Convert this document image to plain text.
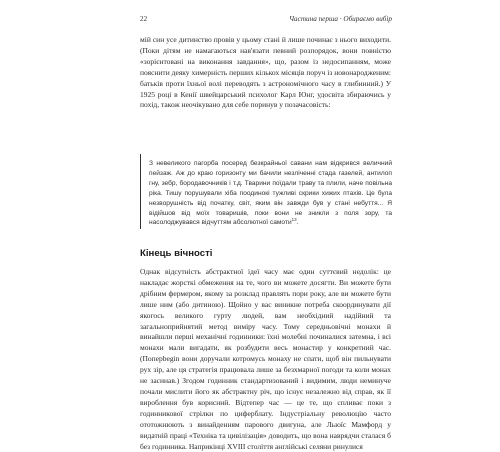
22	Частина перша · Обираємо вибір

мій син усе дитинство провів у цьому стані й лише починає з нього виходити. (Поки дітям не намагаються нав'язати певний розпорядок, вони повністю «зорієнтовані на виконання завдання», що, разом із недосипанням, може пояснити деяку химерність перших кількох місяців поруч із новонародженим: батьків проти їхньої волі переводять з астрономічного часу в глибинний.) У 1925 році в Кенії швейцарський психолог Карл Юнг, удосвіта збираючись у похід, також неочікувано для себе поринув у позачасовість:

З невеликого пагорба посеред безкрайньої савани нам відкрився величний пейзаж. Аж до краю горизонту ми бачили незліченні стада газелей, антилоп гну, зебр, бородавочників і т.д. Тварини поїдали траву та плили, наче повільна ріка. Тишу порушували хіба поодинокі тужливі скрики хижих птахів. Це була незворушність від початку, світ, яким він завжди був у стані небуття... Я відійшов від моїх товаришів, поки вони не зникли з поля зору, та насолоджувався відчуттям абсолютної самоти$^{13}$.

Кінець вічності

Однак відсутність абстрактної ідеї часу має один суттєвий недолік: це накладає жорсткі обмеження на те, чого ви можете досягти. Ви можете бути дрібним фермером, якому за розклад правлять пори року, але ви можете бути лише ним (або дитиною). Щойно у вас виникне потреба скоординувати дії якогось великого гурту людей, вам необхідний надійний та загальноприйнятий метод виміру часу. Тому середньовічні монахи й винайшли перші механічні годинники: їхні молебні починалися затемна, і всі монахи мали вигадати, як розбудити весь монастир у конкретний час. (Поперbegin вони доручали котромусь монаху не спати, щоб він пильнувати рух зір, але ця стратегія працювала лише за безхмарної погоди та коли монах не засинав.) Згодом годинник стандартизований і видимим, люди неминуче почали мислити його як абстрактну річ, що існує незалежно від справ, як її вироблення був корисний. Відтепер час — це те, що спливає поки з годинникової стрілки по циферблату. Індустріальну революцію часто ототожнюють з винайденням парового двигуна, але Льюїс Мамфорд у видатній праці «Техніка та цивілізація» доводить, що вона наврядчи сталася б без годинника. Наприкінці XVIII століття англійські селяни ринулися
